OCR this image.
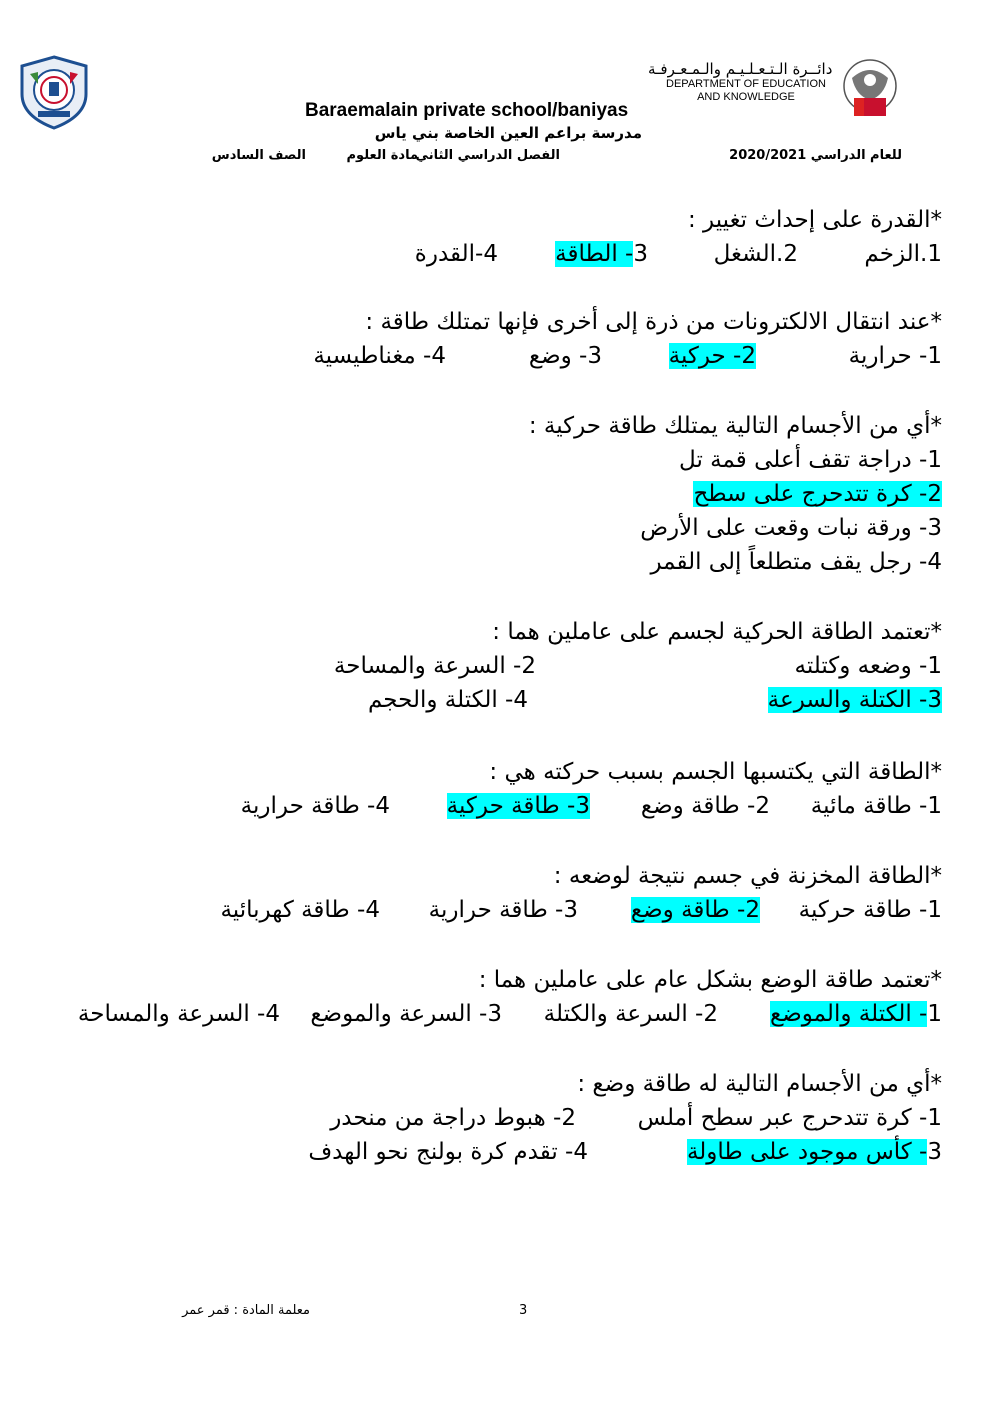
دائــرة الـتـعـلـيـم والـمـعـرفـة
DEPARTMENT OF EDUCATION
AND KNOWLEDGE
Baraemalain private school/baniyas
مدرسة براعم العين الخاصة بني ياس
للعام الدراسي 2020/2021
الفصل الدراسي الثاني
مادة العلوم
الصف السادس
*القدرة على إحداث تغيير :
1.الزخم
2.الشغل
3- الطاقة
4-القدرة
*عند انتقال الالكترونات من ذرة إلى أخرى فإنها تمتلك طاقة :
1- حرارية
2- حركية
3- وضع
4- مغناطيسية
*أي من الأجسام التالية يمتلك طاقة حركية :
1- دراجة تقف أعلى قمة تل
2- كرة تتدحرج على سطح
3- ورقة نبات وقعت على الأرض
4- رجل يقف متطلعاً إلى القمر
*تعتمد الطاقة الحركية لجسم على عاملين هما :
1- وضعه وكتلته
2- السرعة والمساحة
3- الكتلة والسرعة
4- الكتلة والحجم
*الطاقة التي يكتسبها الجسم بسبب حركته هي :
1- طاقة مائية
2- طاقة وضع
3- طاقة حركية
4- طاقة حرارية
*الطاقة المخزنة في جسم نتيجة لوضعه :
1- طاقة حركية
2- طاقة وضع
3- طاقة حرارية
4- طاقة كهربائية
*تعتمد طاقة الوضع بشكل عام على عاملين هما :
1- الكتلة والموضع
2- السرعة والكتلة
3- السرعة والموضع
4- السرعة والمساحة
*أي من الأجسام التالية له طاقة وضع :
1- كرة تتدحرج عبر سطح أملس
2- هبوط دراجة من منحدر
3- كأس موجود على طاولة
4- تقدم كرة بولنج نحو الهدف
3
معلمة المادة : قمر عمر
